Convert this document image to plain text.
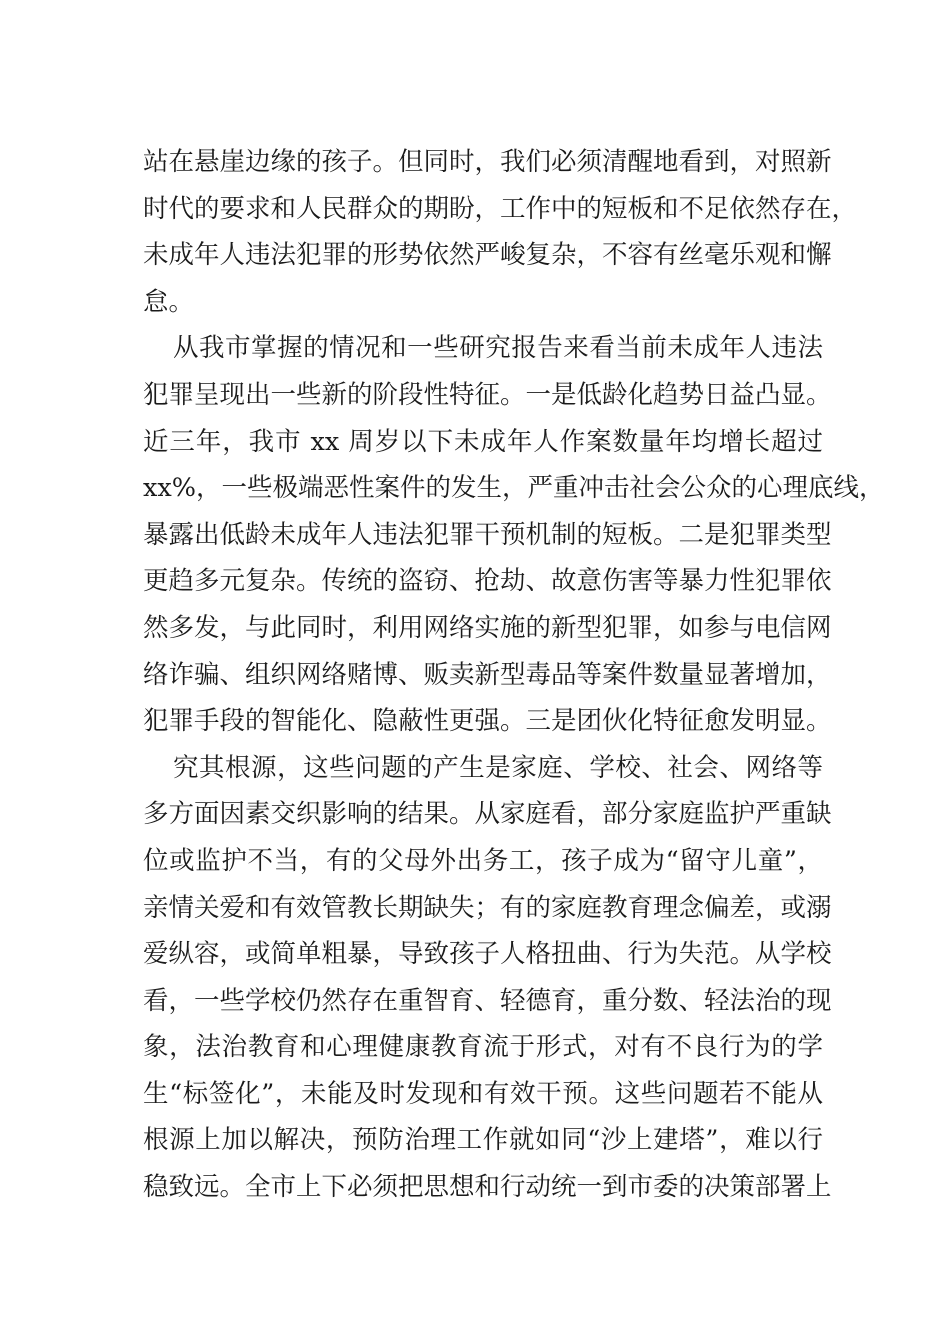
站在悬崖边缘的孩子。但同时，我们必须清醒地看到，对照新
时代的要求和人民群众的期盼，工作中的短板和不足依然存在，
未成年人违法犯罪的形势依然严峻复杂，不容有丝毫乐观和懈
怠。
从我市掌握的情况和一些研究报告来看当前未成年人违法
犯罪呈现出一些新的阶段性特征。一是低龄化趋势日益凸显。
近三年，我市 xx 周岁以下未成年人作案数量年均增长超过
xx%，一些极端恶性案件的发生，严重冲击社会公众的心理底线，
暴露出低龄未成年人违法犯罪干预机制的短板。二是犯罪类型
更趋多元复杂。传统的盗窃、抢劫、故意伤害等暴力性犯罪依
然多发，与此同时，利用网络实施的新型犯罪，如参与电信网
络诈骗、组织网络赌博、贩卖新型毒品等案件数量显著增加，
犯罪手段的智能化、隐蔽性更强。三是团伙化特征愈发明显。
究其根源，这些问题的产生是家庭、学校、社会、网络等
多方面因素交织影响的结果。从家庭看，部分家庭监护严重缺
位或监护不当，有的父母外出务工，孩子成为“留守儿童”，
亲情关爱和有效管教长期缺失；有的家庭教育理念偏差，或溺
爱纵容，或简单粗暴，导致孩子人格扭曲、行为失范。从学校
看，一些学校仍然存在重智育、轻德育，重分数、轻法治的现
象，法治教育和心理健康教育流于形式，对有不良行为的学
生“标签化”，未能及时发现和有效干预。这些问题若不能从
根源上加以解决，预防治理工作就如同“沙上建塔”，难以行
稳致远。全市上下必须把思想和行动统一到市委的决策部署上
